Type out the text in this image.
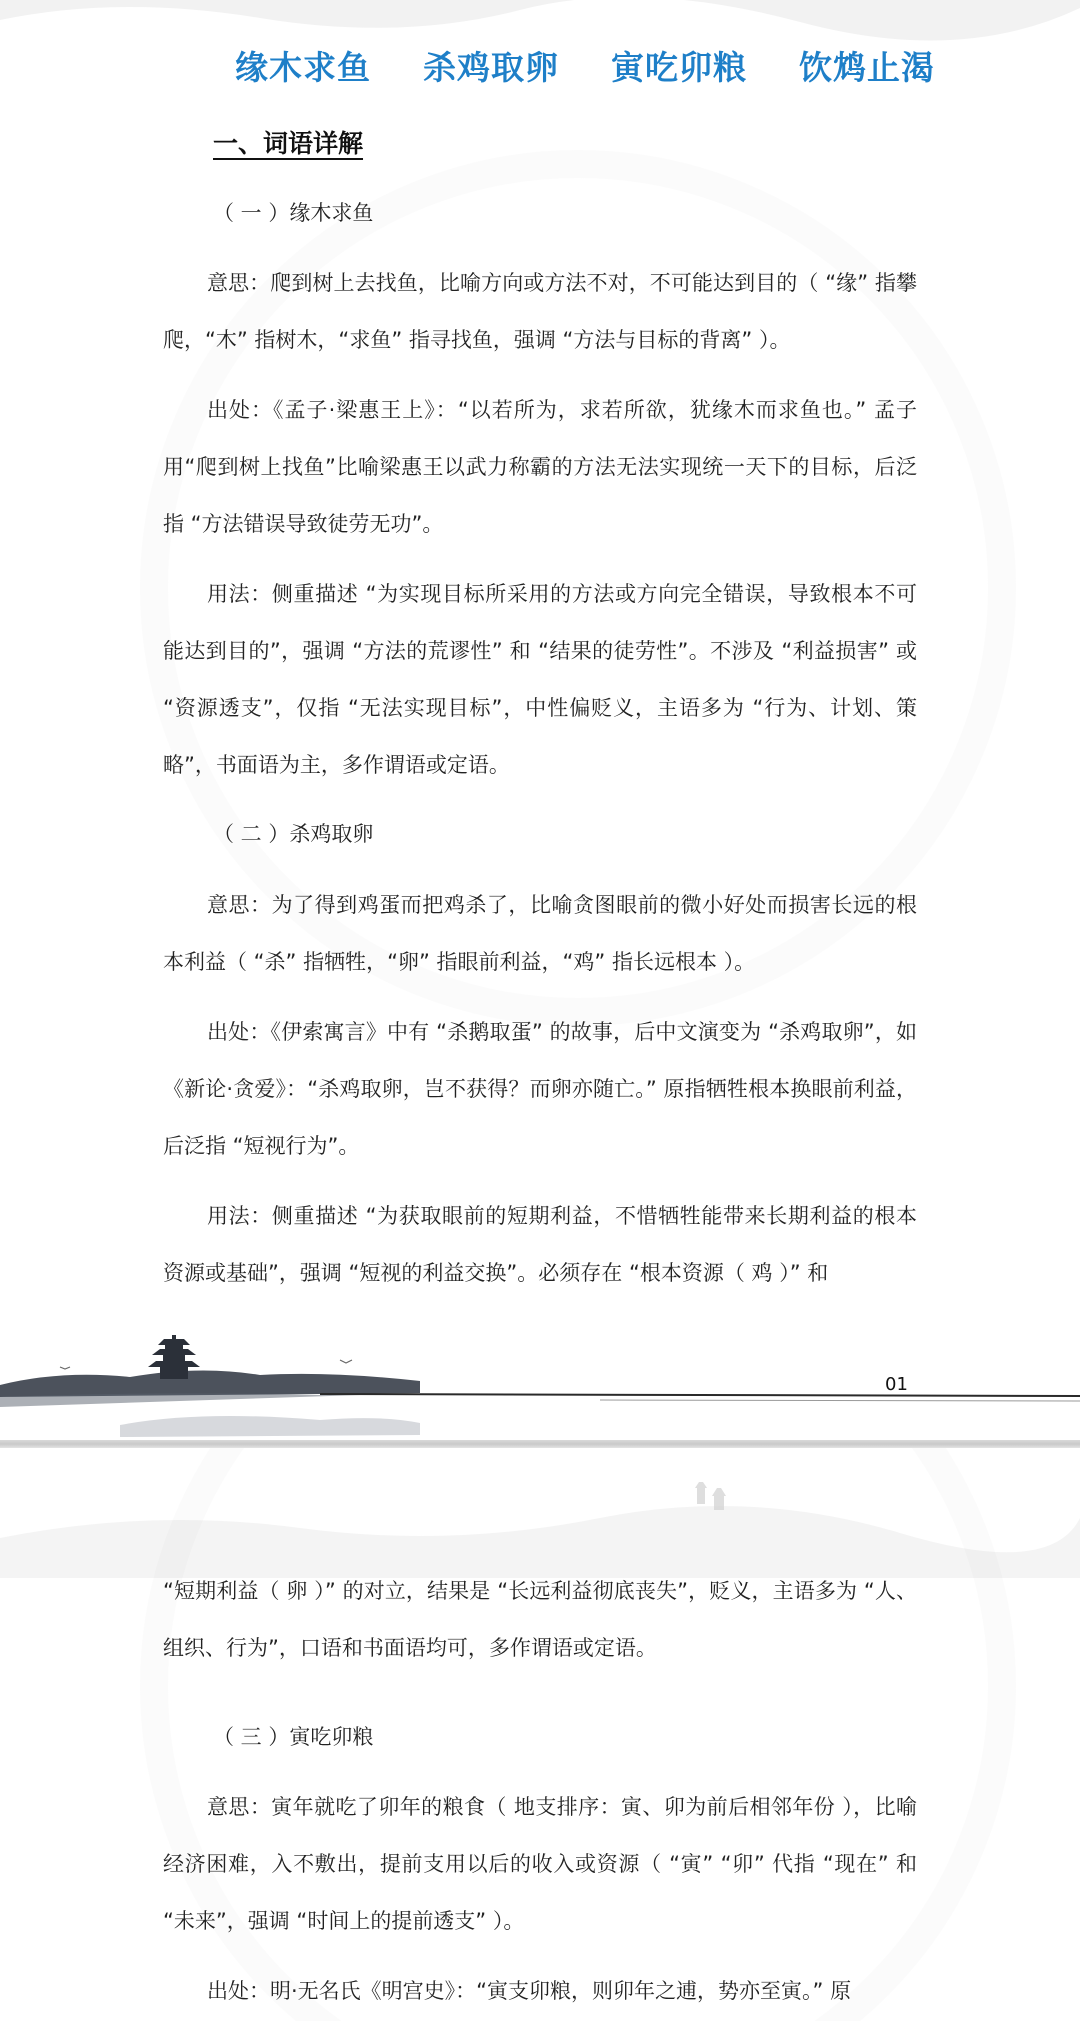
缘木求鱼 杀鸡取卵 寅吃卯粮 饮鸩止渴
一、词语详解
（ 一 ）缘木求鱼

意思：爬到树上去找鱼，比喻方向或方法不对，不可能达到目的（ “缘” 指攀爬，“木” 指树木，“求鱼” 指寻找鱼，强调 “方法与目标的背离” ）。

出处：《孟子·梁惠王上》：“以若所为，求若所欲，犹缘木而求鱼也。” 孟子用“爬到树上找鱼”比喻梁惠王以武力称霸的方法无法实现统一天下的目标，后泛指 “方法错误导致徒劳无功”。

用法：侧重描述 “为实现目标所采用的方法或方向完全错误，导致根本不可能达到目的”，强调 “方法的荒谬性” 和 “结果的徒劳性”。不涉及 “利益损害” 或 “资源透支”，仅指 “无法实现目标”，中性偏贬义，主语多为 “行为、计划、策略”，书面语为主，多作谓语或定语。

（ 二 ）杀鸡取卵

意思：为了得到鸡蛋而把鸡杀了，比喻贪图眼前的微小好处而损害长远的根本利益（ “杀” 指牺牲，“卵” 指眼前利益，“鸡” 指长远根本 ）。

出处：《伊索寓言》中有 “杀鹅取蛋” 的故事，后中文演变为 “杀鸡取卵”，如《新论·贪爱》：“杀鸡取卵，岂不获得？而卵亦随亡。” 原指牺牲根本换眼前利益，后泛指 “短视行为”。

用法：侧重描述 “为获取眼前的短期利益，不惜牺牲能带来长期利益的根本资源或基础”，强调 “短视的利益交换”。必须存在 “根本资源（ 鸡 ）” 和

01

“短期利益（ 卵 ）” 的对立，结果是 “长远利益彻底丧失”，贬义，主语多为 “人、组织、行为”，口语和书面语均可，多作谓语或定语。

（ 三 ）寅吃卯粮

意思：寅年就吃了卯年的粮食（ 地支排序：寅、卯为前后相邻年份 ），比喻经济困难，入不敷出，提前支用以后的收入或资源（ “寅” “卯” 代指 “现在” 和 “未来”，强调 “时间上的提前透支” ）。

出处：明·无名氏《明宫史》：“寅支卯粮，则卯年之逋，势亦至寅。” 原
